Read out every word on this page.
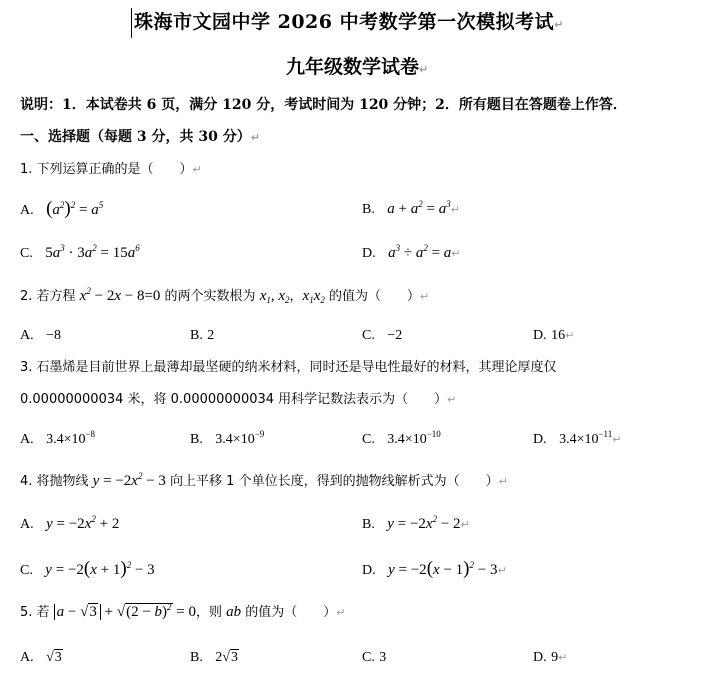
珠海市文园中学 2026 中考数学第一次模拟考试↵
九年级数学试卷↵
说明：1．本试卷共 6 页，满分 120 分，考试时间为 120 分钟；2．所有题目在答题卷上作答．
一、选择题（每题 3 分，共 30 分）↵
1. 下列运算正确的是（　　）↵
A. $(a^2)^2 = a^5$	B. $a + a^2$ = $a^3↵$
C. $5a^3 \cdot 3a^2 = 15a^6$	D. $a^3 \div a^2$ = a↵
2. 若方程 $x^2 - 2x - 8=0$ 的两个实数根为 $x_1$, $x_2$，$x_1x_2$ 的值为（　　）↵
A. −8	B. 2	C. −2	D. 16↵
3. 石墨烯是目前世界上最薄却最坚硬的纳米材料，同时还是导电性最好的材料，其理论厚度仅
0.00000000034 米，将 0.00000000034 用科学记数法表示为（　　）↵
A. $3.4\times 10^{-8}$	B. $3.4\times 10^{-9}$	C. $3.4\times 10^{-10}$	D. $3.4\times 10^{-11}↵$
4. 将抛物线 $y = -2x^2 - 3$ 向上平移 1 个单位长度，得到的抛物线解析式为（　　）↵
A. $y = -2x^2 + 2$	B. $y = -2x^2$ − 2↵
C. $y = -2(x + 1)^2 - 3$	D. $y = -2(x - 1)^2$ − 3↵
5. 若 $a - √3 + √(2 - b)^2 = 0$，则 ab 的值为（　　）↵
A. √3	B. 2√3	C. 3	D. 9↵
